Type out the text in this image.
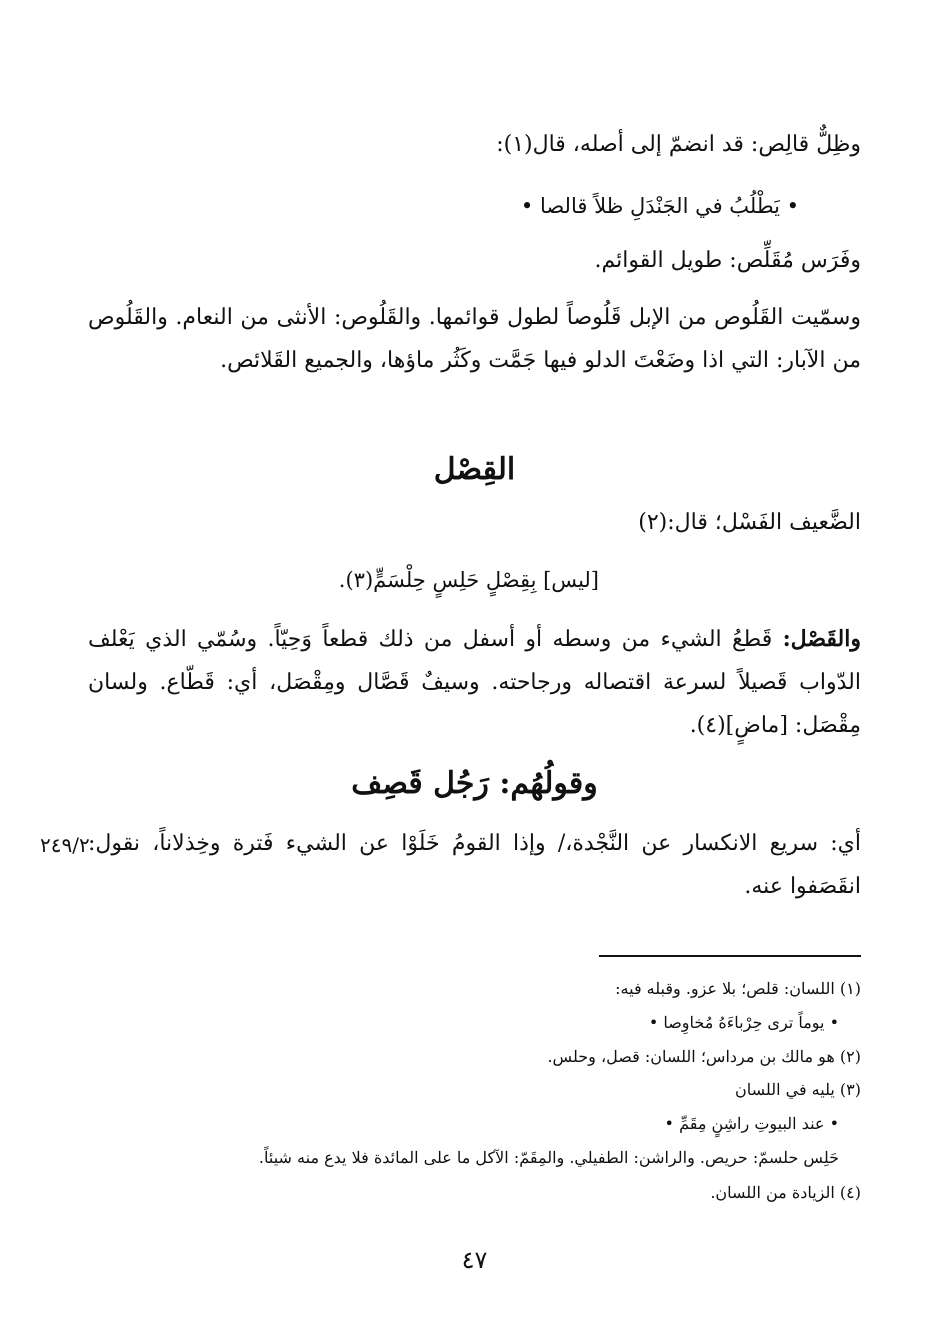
وظِلٌّ قالِص: قد انضمّ إلى أصله، قال(١):

• يَطْلُبُ في الجَنْدَلِ ظلاً قالصا •

وفَرَس مُقَلِّص: طويل القوائم.

وسمّيت القَلُوص من الإبل قَلُوصاً لطول قوائمها. والقَلُوص: الأنثى من النعام. والقَلُوص من الآبار: التي اذا وضَعْتَ الدلو فيها جَمَّت وكَثُر ماؤها، والجميع القَلائص.

القِصْل

الضَّعيف الفَسْل؛ قال:(٢)

[ليس] بِقِصْلٍ حَلِسٍ حِلْسَمٍّ(٣).

والقَصْل: قَطعُ الشيء من وسطه أو أسفل من ذلك قطعاً وَحِيّاً. وسُمّي الذي يَعْلف الدّواب قَصيلاً لسرعة اقتصاله ورجاحته. وسيفٌ قَصَّال ومِقْصَل، أي: قَطّاع. ولسان مِقْصَل: [ماضٍ](٤).

وقولُهُم: رَجُل قَصِف

أي: سريع الانكسار عن النَّجْدة،/ وإذا القومُ خَلَوْا عن الشيء فَترة وخِذلاناً، نقول: انقَصَفوا عنه.

٢٤٩/٢

(١) اللسان: قلص؛ بلا عزو. وقبله فيه:

• يوماً ترى حِرْباءَهُ مُخاوِصا •

(٢) هو مالك بن مرداس؛ اللسان: قصل، وحلس.

(٣) يليه في اللسان

• عند البيوتِ راشِنٍ مِقَمِّ •

حَلِس حلسمّ: حريص. والراشن: الطفيلي. والمِقَمّ: الآكل ما على المائدة فلا يدع منه شيئاً.

(٤) الزيادة من اللسان.

٤٧
